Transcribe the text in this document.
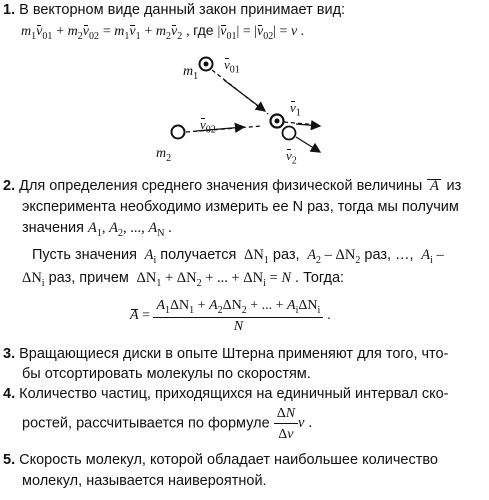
1. В векторном виде данный закон принимает вид:
$m_1v_{01} + m_2v_{02} = m_1v_1 + m_2v_2$ , где $|v_{01}| = |v_{02}| = v$ .
$m_1$
$v_{01}$
$v_{02}$
$m_2$
$v_1$
$v_2$
2. Для определения среднего значения физической величины  A  из
эксперимента необходимо измерить ее N раз, тогда мы получим
значения $A_1$, $A_2$, ..., $A_N$ .
Пусть значения  $A_i$ получается  $\Delta N_1$ раз,  $A_2 - \Delta N_2$ раз, …,  $A_i$ –
$\Delta N_i$ раз, причем  $\Delta N_1 + \Delta N_2$ + ... + $\Delta N_i = N$ . Тогда:
$A = \frac{A_1\Delta N_1 + A_2\Delta N_2 + ... + A_i\Delta N_i}{N}$ .
3. Вращающиеся диски в опыте Штерна применяют для того, что-
бы отсортировать молекулы по скоростям.
4. Количество частиц, приходящихся на единичный интервал ско-
ростей, рассчитывается по формуле $\frac{\Delta N}{\Delta v}$ v .
5. Скорость молекул, которой обладает наибольшее количество
молекул, называется наивероятной.
